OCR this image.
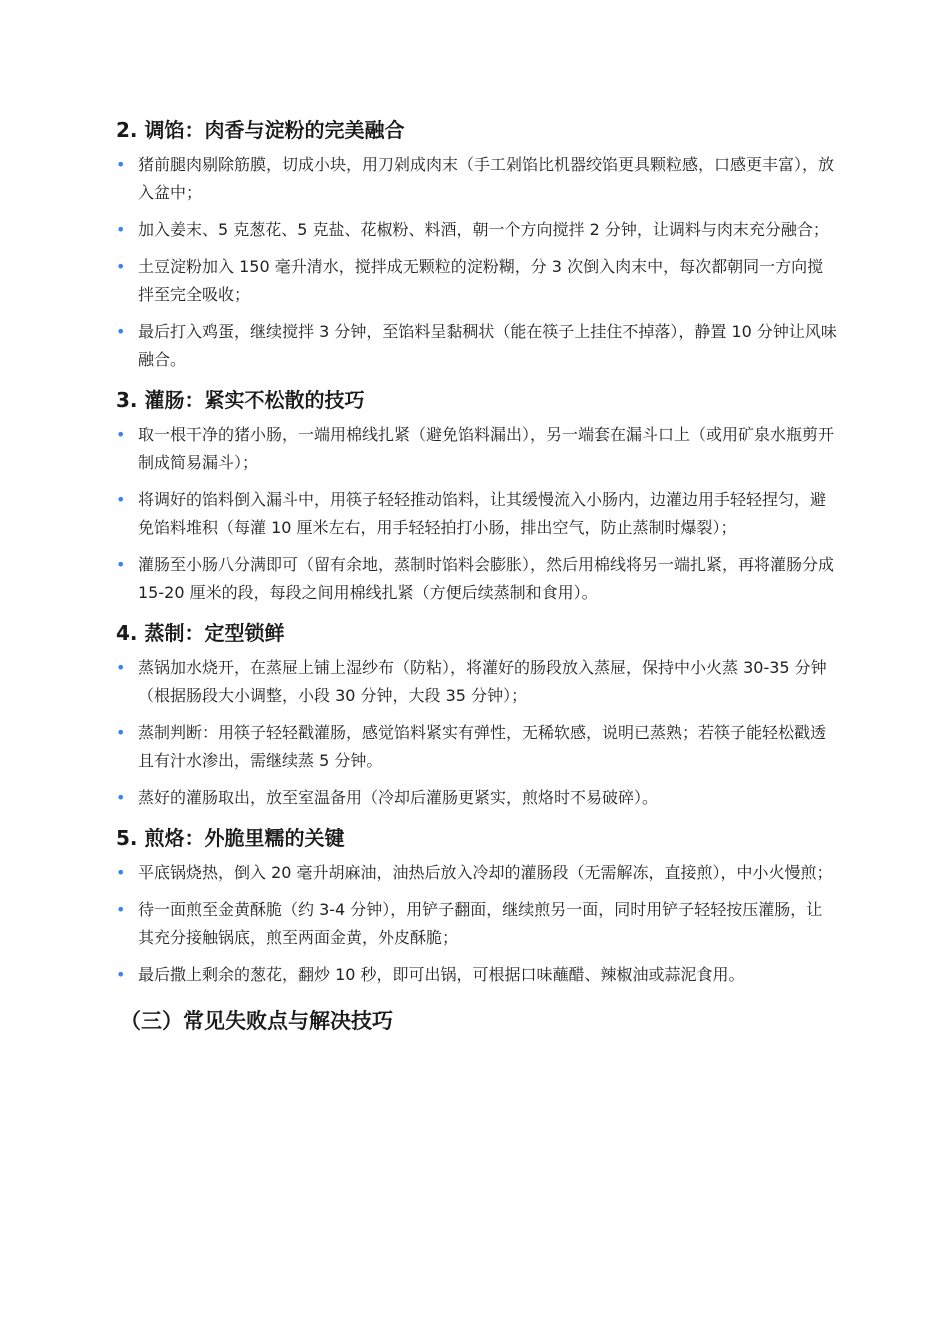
2. 调馅：肉香与淀粉的完美融合
• 猪前腿肉剔除筋膜，切成小块，用刀剁成肉末（手工剁馅比机器绞馅更具颗粒感，口感更丰富），放入盆中；
• 加入姜末、5 克葱花、5 克盐、花椒粉、料酒，朝一个方向搅拌 2 分钟，让调料与肉末充分融合；
• 土豆淀粉加入 150 毫升清水，搅拌成无颗粒的淀粉糊，分 3 次倒入肉末中，每次都朝同一方向搅拌至完全吸收；
• 最后打入鸡蛋，继续搅拌 3 分钟，至馅料呈黏稠状（能在筷子上挂住不掉落），静置 10 分钟让风味融合。
3. 灌肠：紧实不松散的技巧
• 取一根干净的猪小肠，一端用棉线扎紧（避免馅料漏出），另一端套在漏斗口上（或用矿泉水瓶剪开制成简易漏斗）；
• 将调好的馅料倒入漏斗中，用筷子轻轻推动馅料，让其缓慢流入小肠内，边灌边用手轻轻捏匀，避免馅料堆积（每灌 10 厘米左右，用手轻轻拍打小肠，排出空气，防止蒸制时爆裂）；
• 灌肠至小肠八分满即可（留有余地，蒸制时馅料会膨胀），然后用棉线将另一端扎紧，再将灌肠分成 15-20 厘米的段，每段之间用棉线扎紧（方便后续蒸制和食用）。
4. 蒸制：定型锁鲜
• 蒸锅加水烧开，在蒸屉上铺上湿纱布（防粘），将灌好的肠段放入蒸屉，保持中小火蒸 30-35 分钟（根据肠段大小调整，小段 30 分钟，大段 35 分钟）；
• 蒸制判断：用筷子轻轻戳灌肠，感觉馅料紧实有弹性，无稀软感，说明已蒸熟；若筷子能轻松戳透且有汁水渗出，需继续蒸 5 分钟。
• 蒸好的灌肠取出，放至室温备用（冷却后灌肠更紧实，煎烙时不易破碎）。
5. 煎烙：外脆里糯的关键
• 平底锅烧热，倒入 20 毫升胡麻油，油热后放入冷却的灌肠段（无需解冻，直接煎），中小火慢煎；
• 待一面煎至金黄酥脆（约 3-4 分钟），用铲子翻面，继续煎另一面，同时用铲子轻轻按压灌肠，让其充分接触锅底，煎至两面金黄，外皮酥脆；
• 最后撒上剩余的葱花，翻炒 10 秒，即可出锅，可根据口味蘸醋、辣椒油或蒜泥食用。
（三）常见失败点与解决技巧
